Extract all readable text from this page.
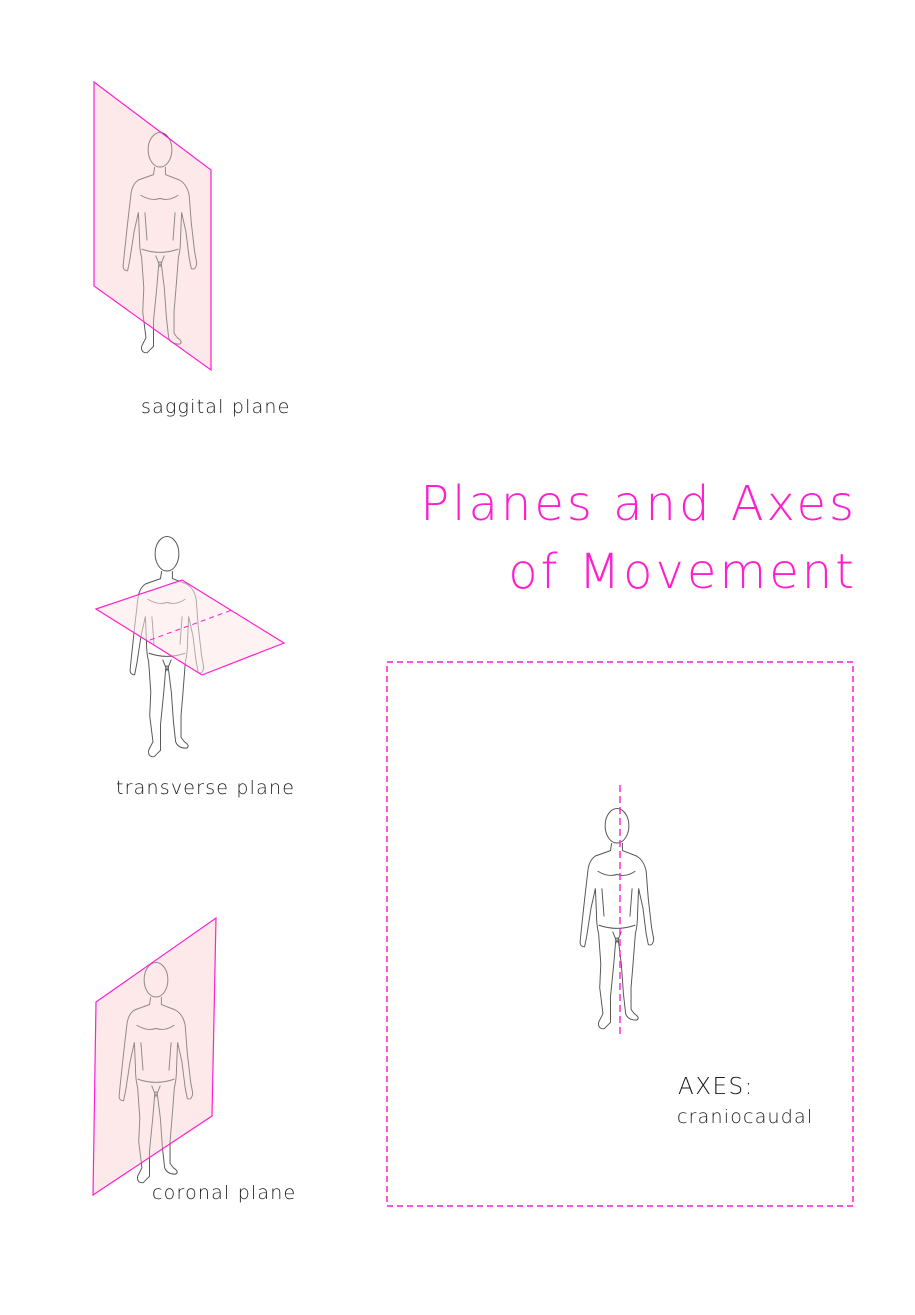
saggital plane
transverse plane
coronal plane
Planes and Axes
of Movement
AXES:
craniocaudal
